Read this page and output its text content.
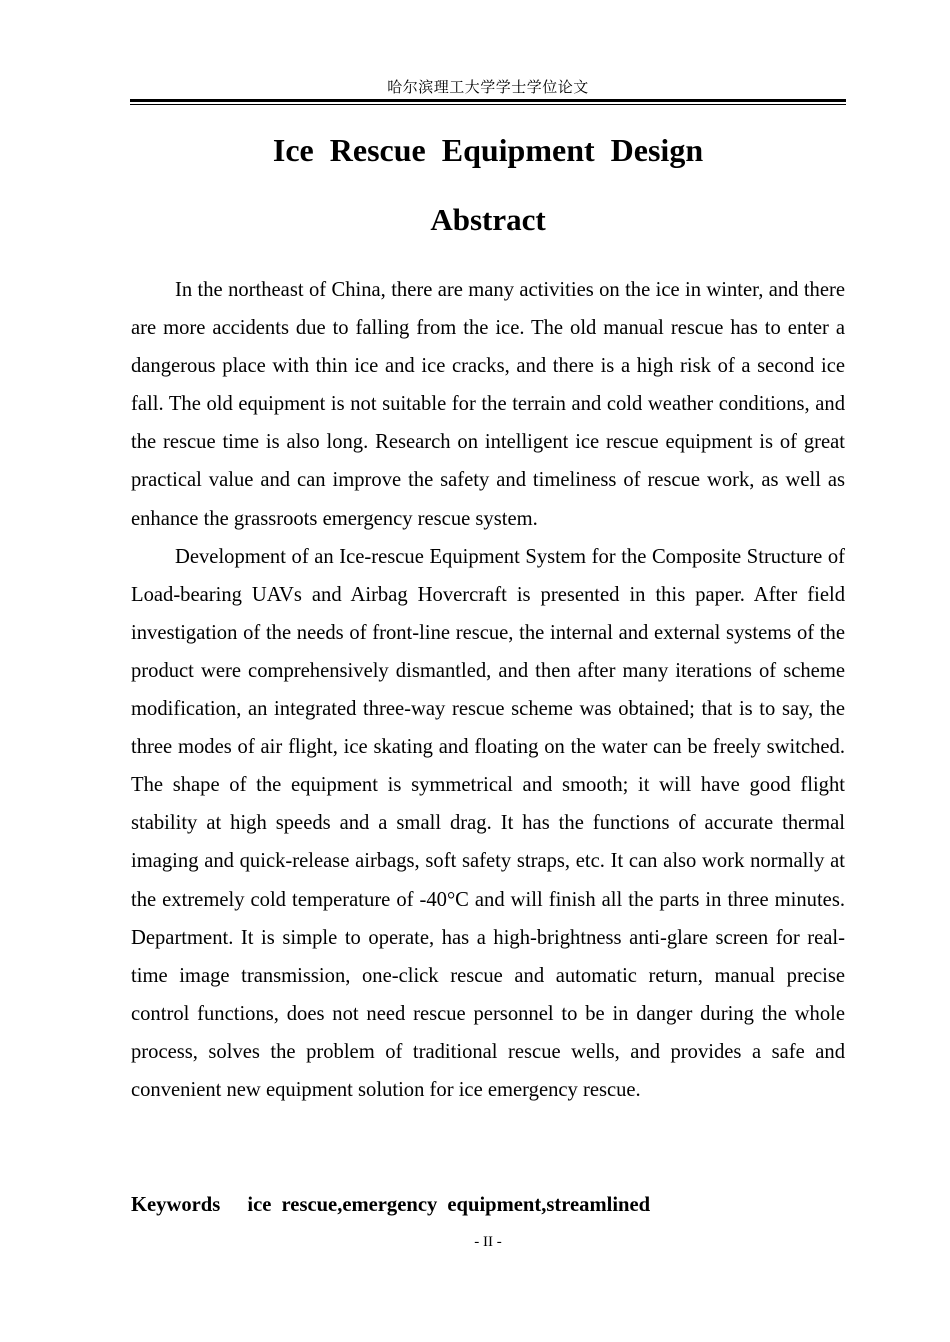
哈尔滨理工大学学士学位论文
Ice Rescue Equipment Design
Abstract

In the northeast of China, there are many activities on the ice in winter, and there are more accidents due to falling from the ice. The old manual rescue has to enter a dangerous place with thin ice and ice cracks, and there is a high risk of a second ice fall. The old equipment is not suitable for the terrain and cold weather conditions, and the rescue time is also long. Research on intelligent ice rescue equipment is of great practical value and can improve the safety and timeliness of rescue work, as well as enhance the grassroots emergency rescue system.

Development of an Ice-rescue Equipment System for the Composite Structure of Load-bearing UAVs and Airbag Hovercraft is presented in this paper. After field investigation of the needs of front-line rescue, the internal and external systems of the product were comprehensively dismantled, and then after many iterations of scheme modification, an integrated three-way rescue scheme was obtained; that is to say, the three modes of air flight, ice skating and floating on the water can be freely switched. The shape of the equipment is symmetrical and smooth; it will have good flight stability at high speeds and a small drag. It has the functions of accurate thermal imaging and quick-release airbags, soft safety straps, etc. It can also work normally at the extremely cold temperature of -40°C and will finish all the parts in three minutes. Department. It is simple to operate, has a high-brightness anti-glare screen for real-time image transmission, one-click rescue and automatic return, manual precise control functions, does not need rescue personnel to be in danger during the whole process, solves the problem of traditional rescue wells, and provides a safe and convenient new equipment solution for ice emergency rescue.

Keywords ice rescue,emergency equipment,streamlined
- II -
